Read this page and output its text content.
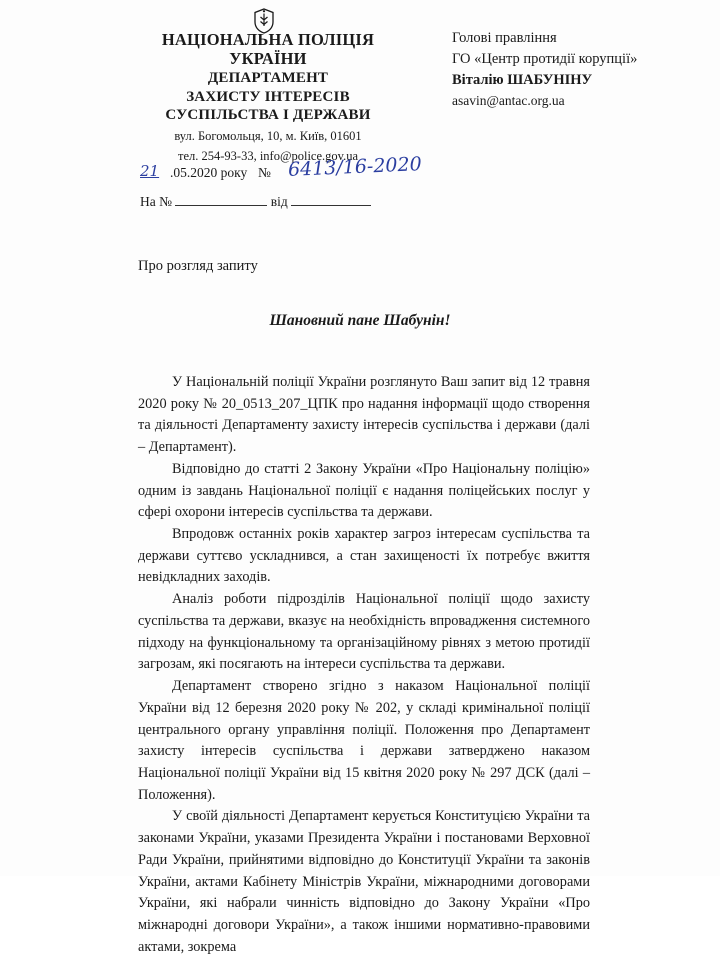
НАЦІОНАЛЬНА ПОЛІЦІЯ
УКРАЇНИ
ДЕПАРТАМЕНТ
ЗАХИСТУ ІНТЕРЕСІВ
СУСПІЛЬСТВА І ДЕРЖАВИ
вул. Богомольця, 10, м. Київ, 01601
тел. 254-93-33, info@police.gov.ua
21 .05.2020 року № 6413/16-2020
На №	від
Голові правління
ГО «Центр протидії корупції»
Віталію ШАБУНІНУ
asavin@antac.org.ua
Про розгляд запиту
Шановний пане Шабунін!

У Національній поліції України розглянуто Ваш запит від 12 травня 2020 року № 20_0513_207_ЦПК про надання інформації щодо створення та діяльності Департаменту захисту інтересів суспільства і держави (далі – Департамент).

Відповідно до статті 2 Закону України «Про Національну поліцію» одним із завдань Національної поліції є надання поліцейських послуг у сфері охорони інтересів суспільства та держави.

Впродовж останніх років характер загроз інтересам суспільства та держави суттєво ускладнився, а стан захищеності їх потребує вжиття невідкладних заходів.

Аналіз роботи підрозділів Національної поліції щодо захисту суспільства та держави, вказує на необхідність впровадження системного підходу на функціональному та організаційному рівнях з метою протидії загрозам, які посягають на інтереси суспільства та держави.

Департамент створено згідно з наказом Національної поліції України від 12 березня 2020 року № 202, у складі кримінальної поліції центрального органу управління поліції. Положення про Департамент захисту інтересів суспільства і держави затверджено наказом Національної поліції України від 15 квітня 2020 року № 297 ДСК (далі – Положення).

У своїй діяльності Департамент керується Конституцією України та законами України, указами Президента України і постановами Верховної Ради України, прийнятими відповідно до Конституції України та законів України, актами Кабінету Міністрів України, міжнародними договорами України, які набрали чинність відповідно до Закону України «Про міжнародні договори України», а також іншими нормативно-правовими актами, зокрема
